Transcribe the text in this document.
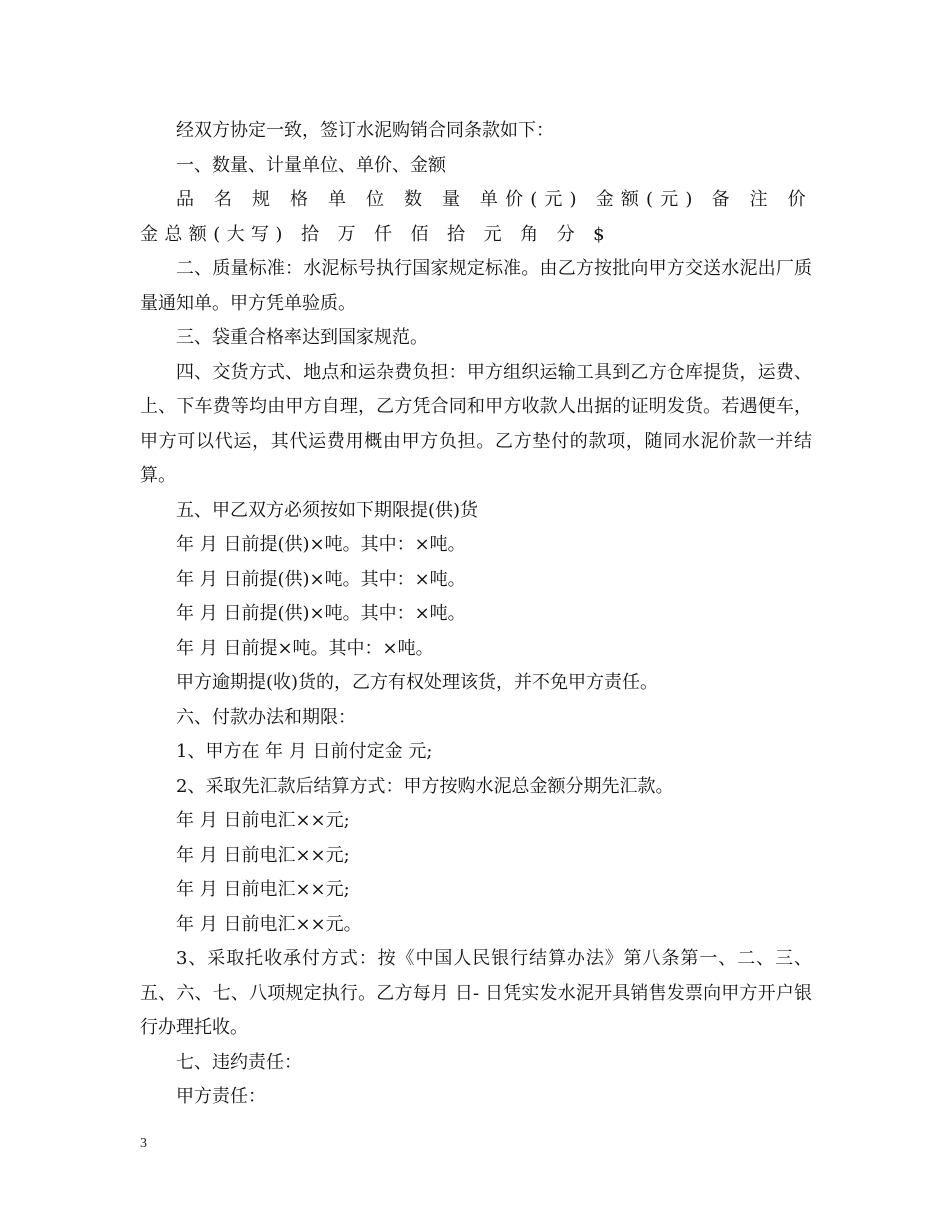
经双方协定一致，签订水泥购销合同条款如下：

一、数量、计量单位、单价、金额

品 名 规 格 单 位 数 量 单价(元) 金额(元) 备 注 价金总额(大写) 拾 万 仟 佰 拾 元 角 分 $

二、质量标准：水泥标号执行国家规定标准。由乙方按批向甲方交送水泥出厂质量通知单。甲方凭单验质。

三、袋重合格率达到国家规范。

四、交货方式、地点和运杂费负担：甲方组织运输工具到乙方仓库提货，运费、上、下车费等均由甲方自理，乙方凭合同和甲方收款人出据的证明发货。若遇便车，甲方可以代运，其代运费用概由甲方负担。乙方垫付的款项，随同水泥价款一并结算。

五、甲乙双方必须按如下期限提(供)货

年 月 日前提(供)×吨。其中：×吨。

年 月 日前提(供)×吨。其中：×吨。

年 月 日前提(供)×吨。其中：×吨。

年 月 日前提×吨。其中：×吨。

甲方逾期提(收)货的，乙方有权处理该货，并不免甲方责任。

六、付款办法和期限：

1、甲方在 年 月 日前付定金 元;

2、采取先汇款后结算方式：甲方按购水泥总金额分期先汇款。

年 月 日前电汇××元;

年 月 日前电汇××元;

年 月 日前电汇××元;

年 月 日前电汇××元。

3、采取托收承付方式：按《中国人民银行结算办法》第八条第一、二、三、五、六、七、八项规定执行。乙方每月 日- 日凭实发水泥开具销售发票向甲方开户银行办理托收。

七、违约责任：

甲方责任：

3
